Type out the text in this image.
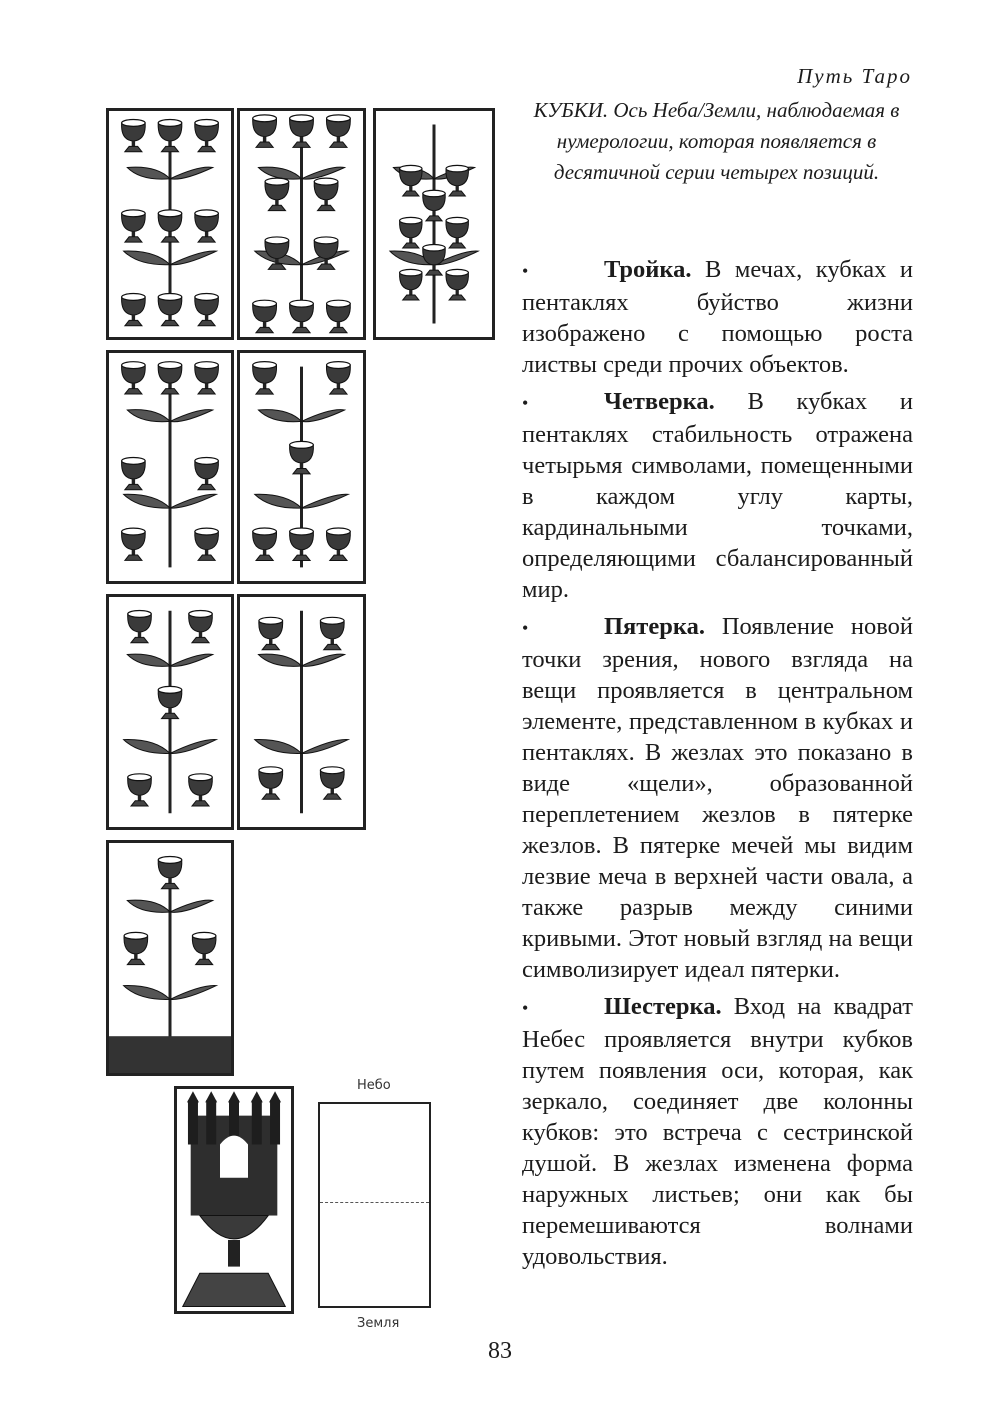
Путь Таро
КУБКИ. Ось Неба/Земли, наблюдаемая в нумерологии, которая появляется в десятичной серии четырех позиций.

•	Тройка. В мечах, кубках и пентаклях буйство жизни изображено с помощью роста листвы среди прочих объектов.

•	Четверка. В кубках и пентаклях стабильность отражена четырьмя символами, помещенными в каждом углу карты, кардинальными точками, определяющими сбалансированный мир.

•	Пятерка. Появление новой точки зрения, нового взгляда на вещи проявляется в центральном элементе, представленном в кубках и пентаклях. В жезлах это показано в виде «щели», образованной переплетением жезлов в пятерке жезлов. В пятерке мечей мы видим лезвие меча в верхней части овала, а также разрыв между синими кривыми. Этот новый взгляд на вещи символизирует идеал пятерки.

•	Шестерка. Вход на квадрат Небес проявляется внутри кубков путем появления оси, которая, как зеркало, соединяет две колонны кубков: это встреча с сестринской душой. В жезлах изменена форма наружных листьев; они как бы перемешиваются волнами удовольствия.

Небо
Земля
83
